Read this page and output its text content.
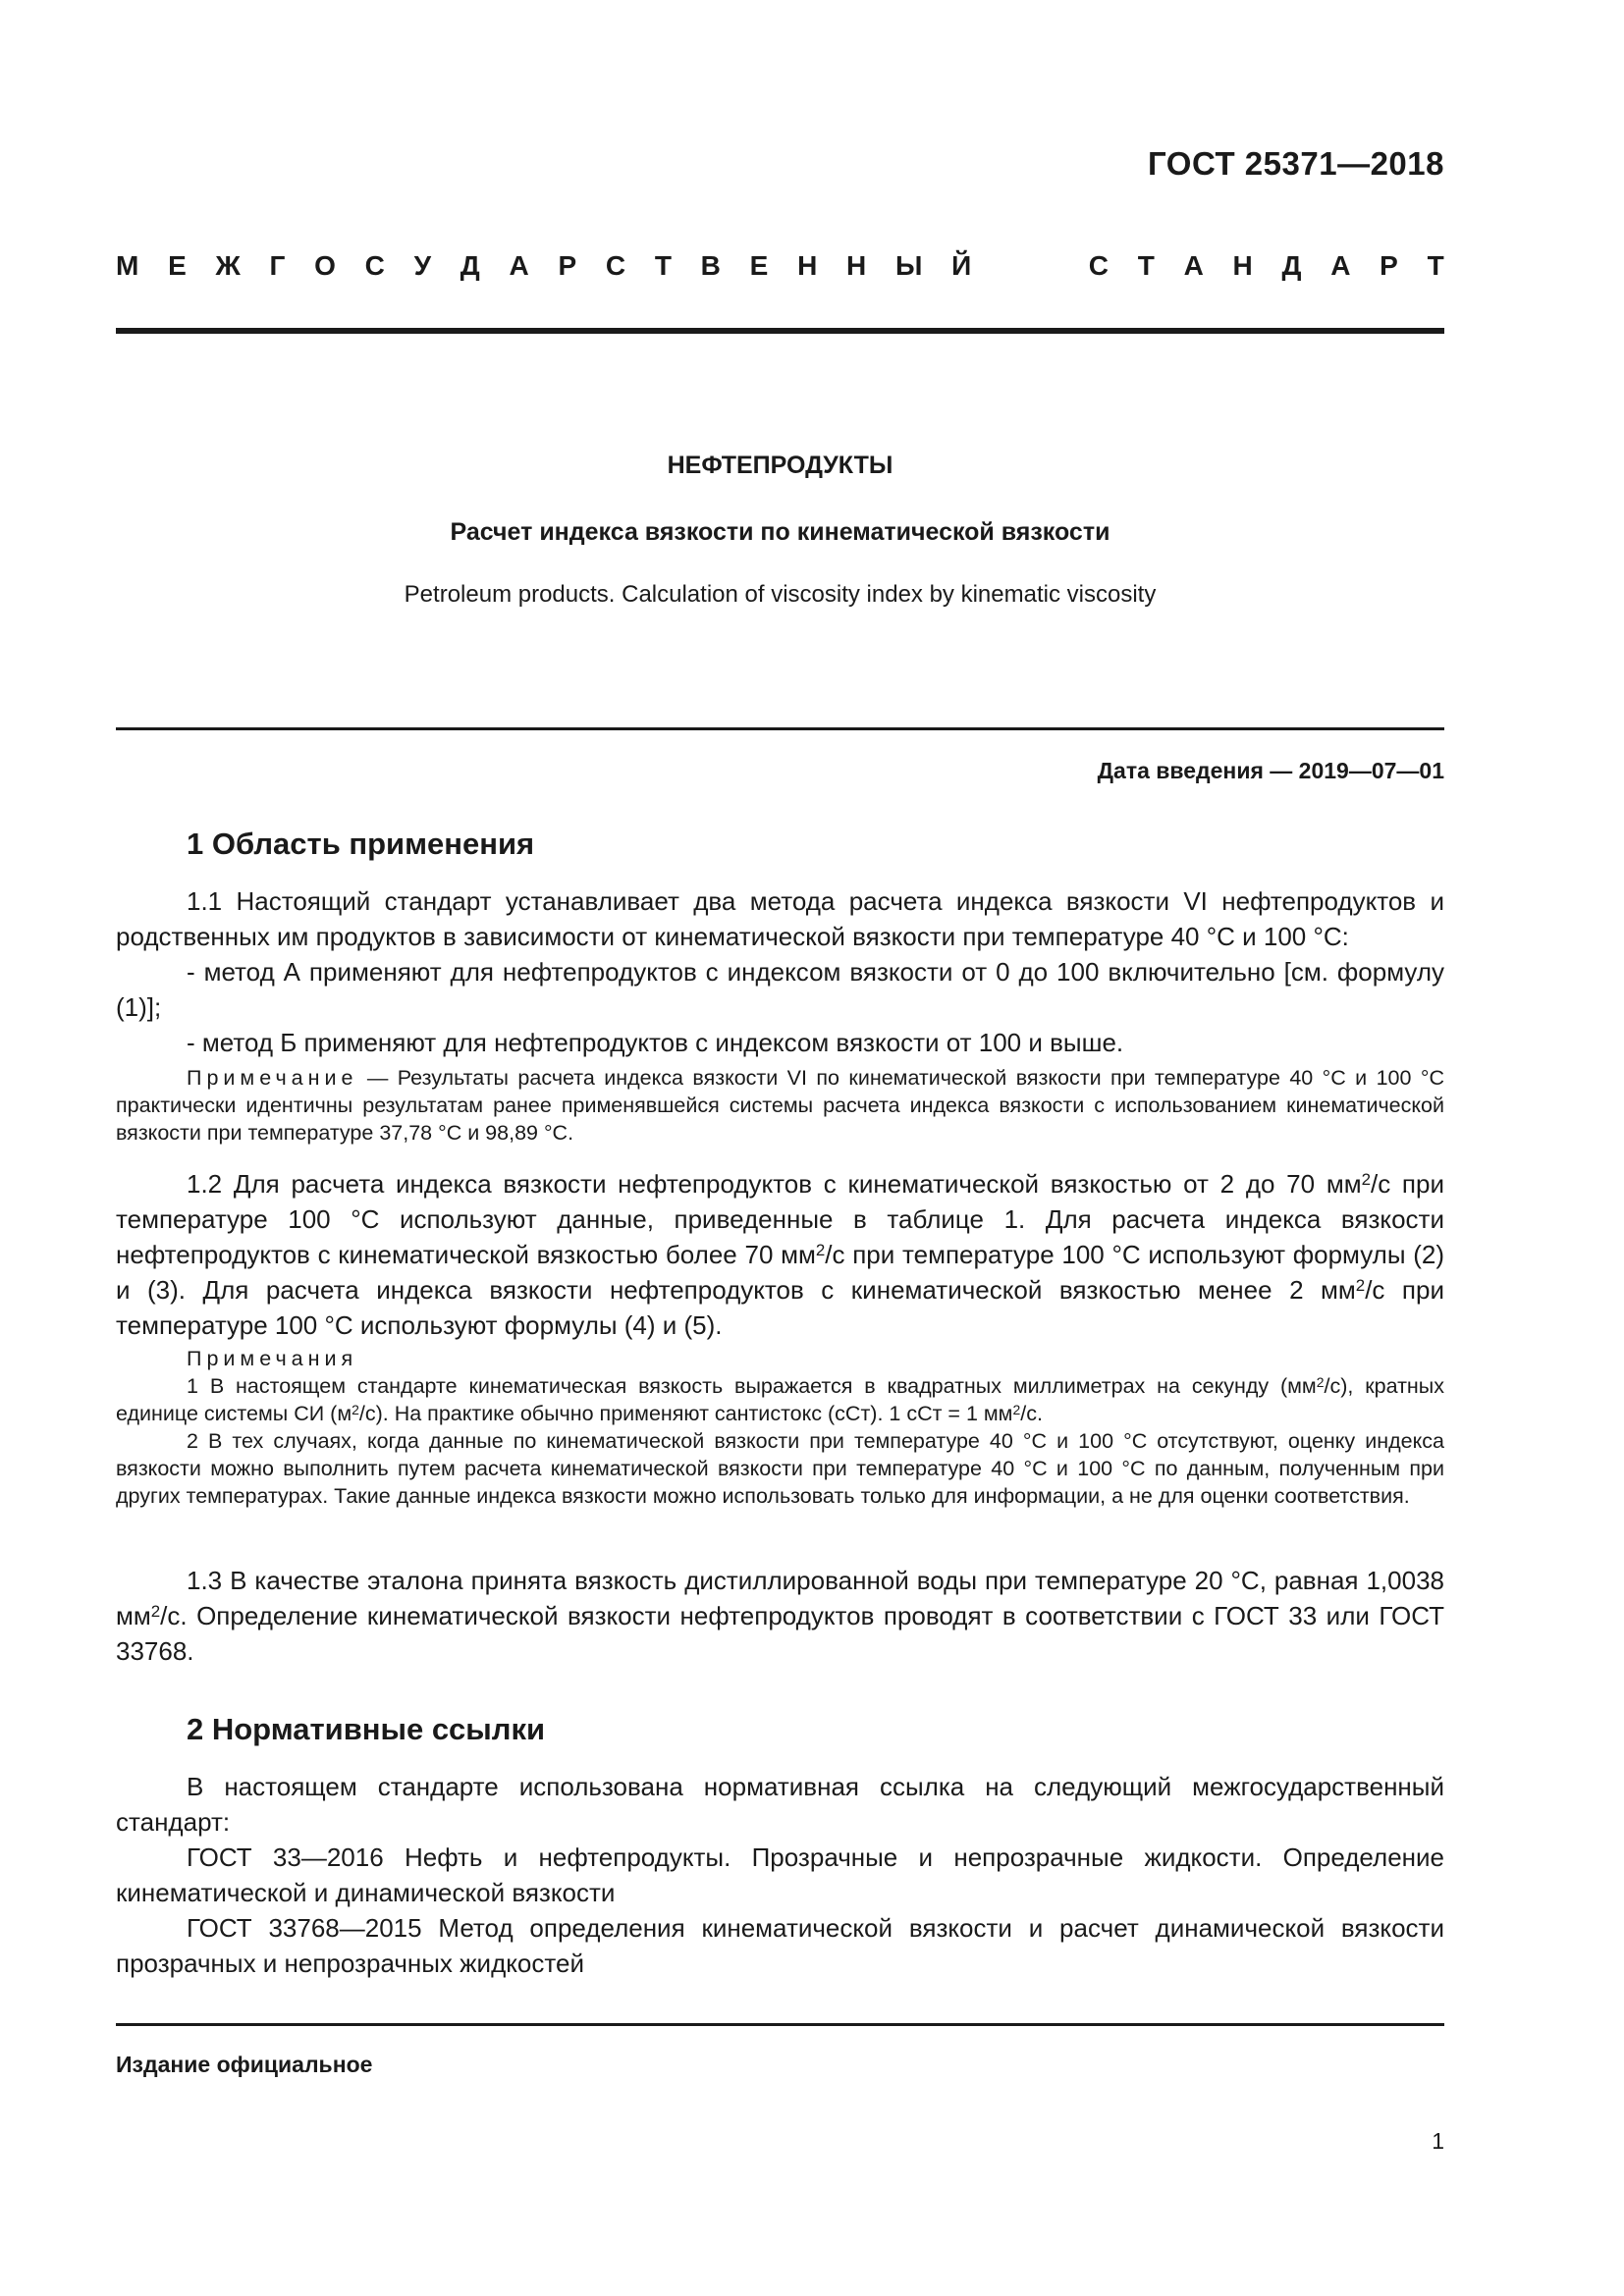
ГОСТ 25371—2018
М Е Ж Г О С У Д А Р С Т В Е Н Н Ы Й	С Т А Н Д А Р Т
НЕФТЕПРОДУКТЫ
Расчет индекса вязкости по кинематической вязкости
Petroleum products. Calculation of viscosity index by kinematic viscosity
Дата введения — 2019—07—01
1 Область применения

1.1 Настоящий стандарт устанавливает два метода расчета индекса вязкости VI нефтепродуктов и родственных им продуктов в зависимости от кинематической вязкости при температуре 40 °С и 100 °С:

- метод А применяют для нефтепродуктов с индексом вязкости от 0 до 100 включительно [см. формулу (1)];

- метод Б применяют для нефтепродуктов с индексом вязкости от 100 и выше.

Примечание — Результаты расчета индекса вязкости VI по кинематической вязкости при температуре 40 °С и 100 °С практически идентичны результатам ранее применявшейся системы расчета индекса вязкости с использованием кинематической вязкости при температуре 37,78 °С и 98,89 °С.

1.2 Для расчета индекса вязкости нефтепродуктов с кинематической вязкостью от 2 до 70 $мм^2/с$ при температуре 100 °С используют данные, приведенные в таблице 1. Для расчета индекса вязкости нефтепродуктов с кинематической вязкостью более 70 $мм^2/с$ при температуре 100 °С используют формулы (2) и (3). Для расчета индекса вязкости нефтепродуктов с кинематической вязкостью менее 2 $мм^2/с$ при температуре 100 °С используют формулы (4) и (5).

Примечания

1 В настоящем стандарте кинематическая вязкость выражается в квадратных миллиметрах на секунду $(мм^2/с)$, кратных единице системы СИ $(м^2/с)$. На практике обычно применяют сантистокс (сСт). 1 сСт = 1 $мм^2/с$.

2 В тех случаях, когда данные по кинематической вязкости при температуре 40 °С и 100 °С отсутствуют, оценку индекса вязкости можно выполнить путем расчета кинематической вязкости при температуре 40 °С и 100 °С по данным, полученным при других температурах. Такие данные индекса вязкости можно использовать только для информации, а не для оценки соответствия.

1.3 В качестве эталона принята вязкость дистиллированной воды при температуре 20 °С, равная 1,0038 $мм^2/с$. Определение кинематической вязкости нефтепродуктов проводят в соответствии с ГОСТ 33 или ГОСТ 33768.

2 Нормативные ссылки

В настоящем стандарте использована нормативная ссылка на следующий межгосударственный стандарт:

ГОСТ 33—2016 Нефть и нефтепродукты. Прозрачные и непрозрачные жидкости. Определение кинематической и динамической вязкости

ГОСТ 33768—2015 Метод определения кинематической вязкости и расчет динамической вязкости прозрачных и непрозрачных жидкостей

Издание официальное
1
